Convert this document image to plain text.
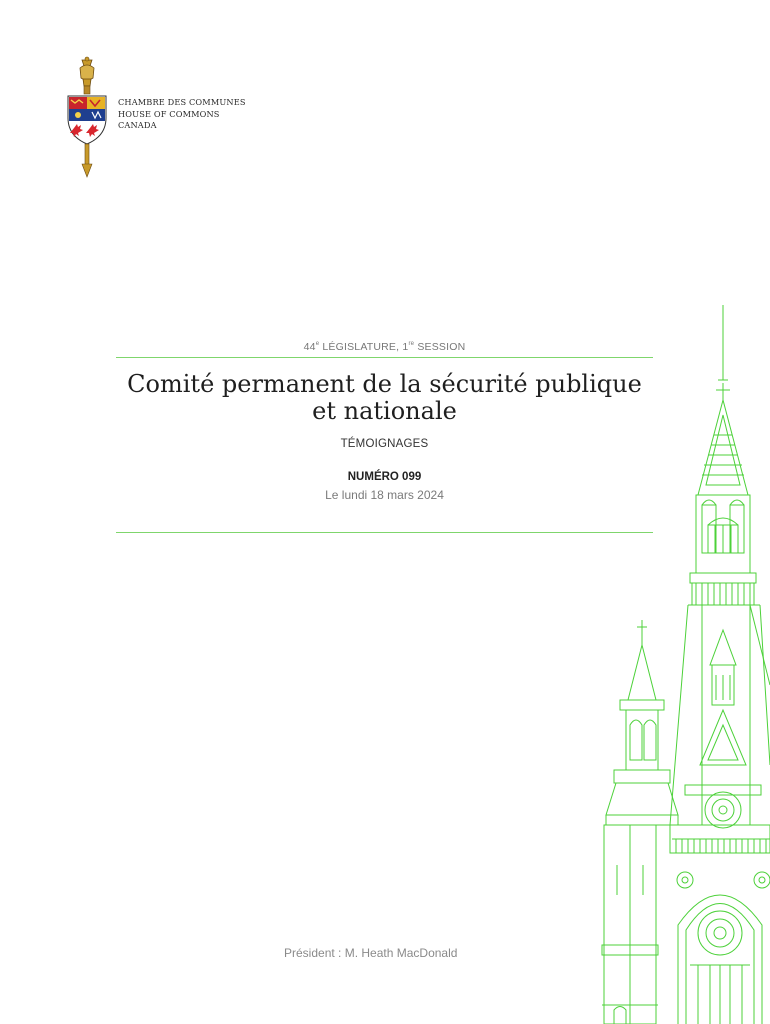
CHAMBRE DES COMMUNES
HOUSE OF COMMONS
CANADA
44e LÉGISLATURE, 1re SESSION
Comité permanent de la sécurité publique
et nationale
TÉMOIGNAGES
NUMÉRO 099
Le lundi 18 mars 2024
Président : M. Heath MacDonald
